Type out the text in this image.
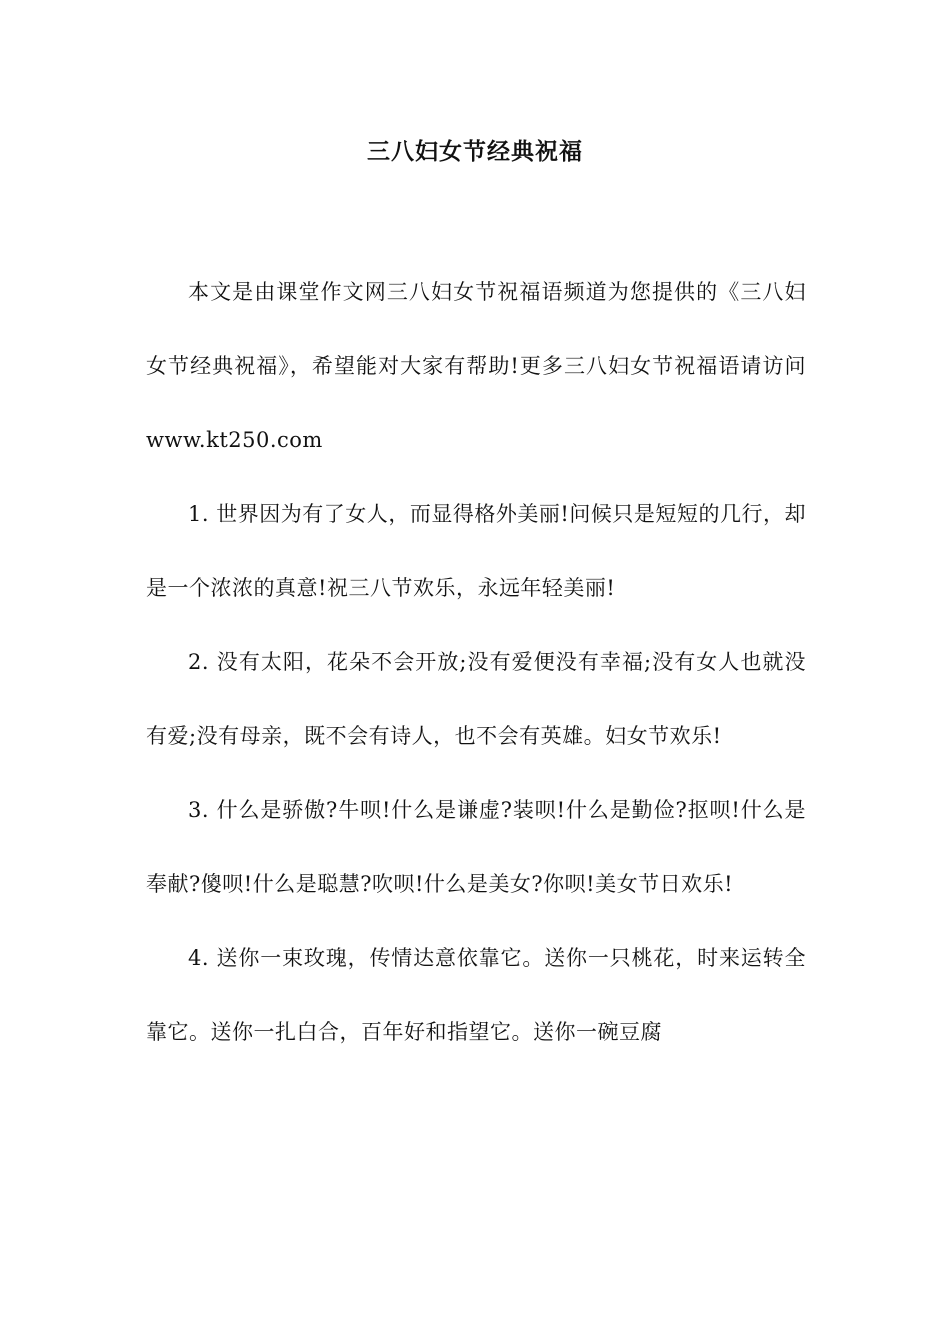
三八妇女节经典祝福

本文是由课堂作文网三八妇女节祝福语频道为您提供的《三八妇女节经典祝福》，希望能对大家有帮助!更多三八妇女节祝福语请访问www.kt250.com

1. 世界因为有了女人，而显得格外美丽!问候只是短短的几行，却是一个浓浓的真意!祝三八节欢乐，永远年轻美丽!

2. 没有太阳，花朵不会开放;没有爱便没有幸福;没有女人也就没有爱;没有母亲，既不会有诗人，也不会有英雄。妇女节欢乐!

3. 什么是骄傲?牛呗!什么是谦虚?装呗!什么是勤俭?抠呗!什么是奉献?傻呗!什么是聪慧?吹呗!什么是美女?你呗!美女节日欢乐!

4. 送你一束玫瑰，传情达意依靠它。送你一只桃花，时来运转全靠它。送你一扎白合，百年好和指望它。送你一碗豆腐
